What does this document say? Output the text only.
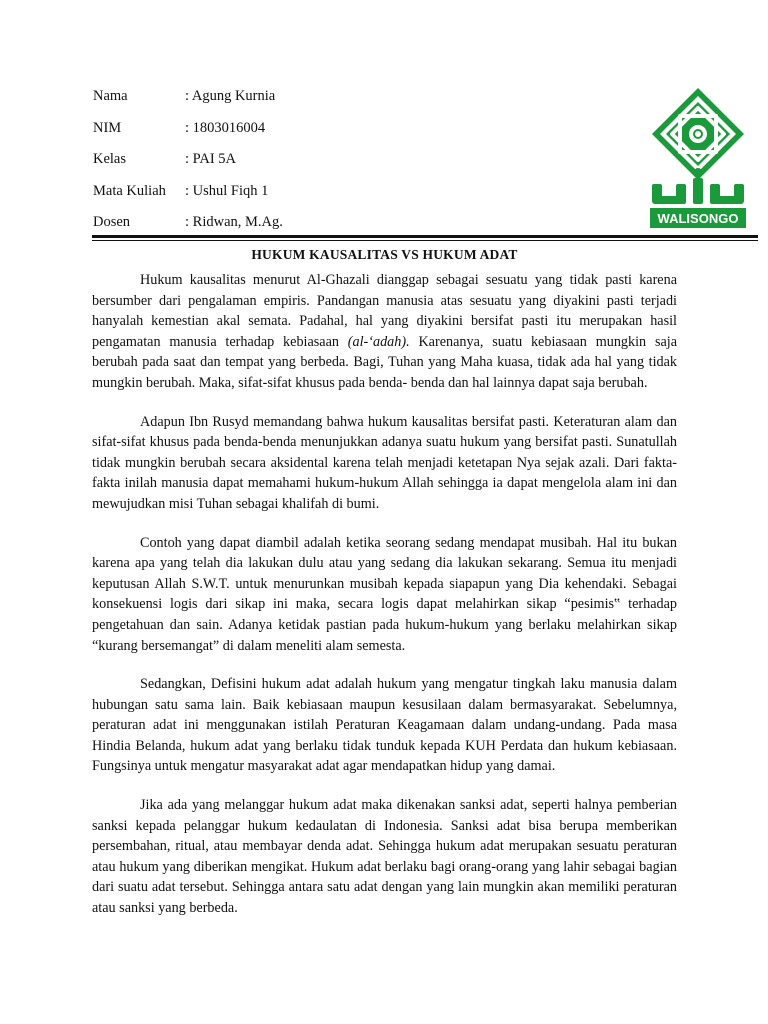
Nama	: Agung Kurnia
NIM	: 1803016004
Kelas	: PAI 5A
Mata Kuliah	: Ushul Fiqh 1
Dosen	: Ridwan, M.Ag.	WALISONGO
HUKUM KAUSALITAS VS HUKUM ADAT

Hukum kausalitas menurut Al-Ghazali dianggap sebagai sesuatu yang tidak pasti karena bersumber dari pengalaman empiris. Pandangan manusia atas sesuatu yang diyakini pasti terjadi hanyalah kemestian akal semata. Padahal, hal yang diyakini bersifat pasti itu merupakan hasil pengamatan manusia terhadap kebiasaan (al-‘adah). Karenanya, suatu kebiasaan mungkin saja berubah pada saat dan tempat yang berbeda. Bagi, Tuhan yang Maha kuasa, tidak ada hal yang tidak mungkin berubah. Maka, sifat-sifat khusus pada benda- benda dan hal lainnya dapat saja berubah.

Adapun Ibn Rusyd memandang bahwa hukum kausalitas bersifat pasti. Keteraturan alam dan sifat-sifat khusus pada benda-benda menunjukkan adanya suatu hukum yang bersifat pasti. Sunatullah tidak mungkin berubah secara aksidental karena telah menjadi ketetapan Nya sejak azali. Dari fakta-fakta inilah manusia dapat memahami hukum-hukum Allah sehingga ia dapat mengelola alam ini dan mewujudkan misi Tuhan sebagai khalifah di bumi.

Contoh yang dapat diambil adalah ketika seorang sedang mendapat musibah. Hal itu bukan karena apa yang telah dia lakukan dulu atau yang sedang dia lakukan sekarang. Semua itu menjadi keputusan Allah S.W.T. untuk menurunkan musibah kepada siapapun yang Dia kehendaki. Sebagai konsekuensi logis dari sikap ini maka, secara logis dapat melahirkan sikap “pesimis‟ terhadap pengetahuan dan sain. Adanya ketidak pastian pada hukum-hukum yang berlaku melahirkan sikap “kurang bersemangat” di dalam meneliti alam semesta.

Sedangkan, Defisini hukum adat adalah hukum yang mengatur tingkah laku manusia dalam hubungan satu sama lain. Baik kebiasaan maupun kesusilaan dalam bermasyarakat. Sebelumnya, peraturan adat ini menggunakan istilah Peraturan Keagamaan dalam undang-undang. Pada masa Hindia Belanda, hukum adat yang berlaku tidak tunduk kepada KUH Perdata dan hukum kebiasaan. Fungsinya untuk mengatur masyarakat adat agar mendapatkan hidup yang damai.

Jika ada yang melanggar hukum adat maka dikenakan sanksi adat, seperti halnya pemberian sanksi kepada pelanggar hukum kedaulatan di Indonesia. Sanksi adat bisa berupa memberikan persembahan, ritual, atau membayar denda adat. Sehingga hukum adat merupakan sesuatu peraturan atau hukum yang diberikan mengikat. Hukum adat berlaku bagi orang-orang yang lahir sebagai bagian dari suatu adat tersebut. Sehingga antara satu adat dengan yang lain mungkin akan memiliki peraturan atau sanksi yang berbeda.
